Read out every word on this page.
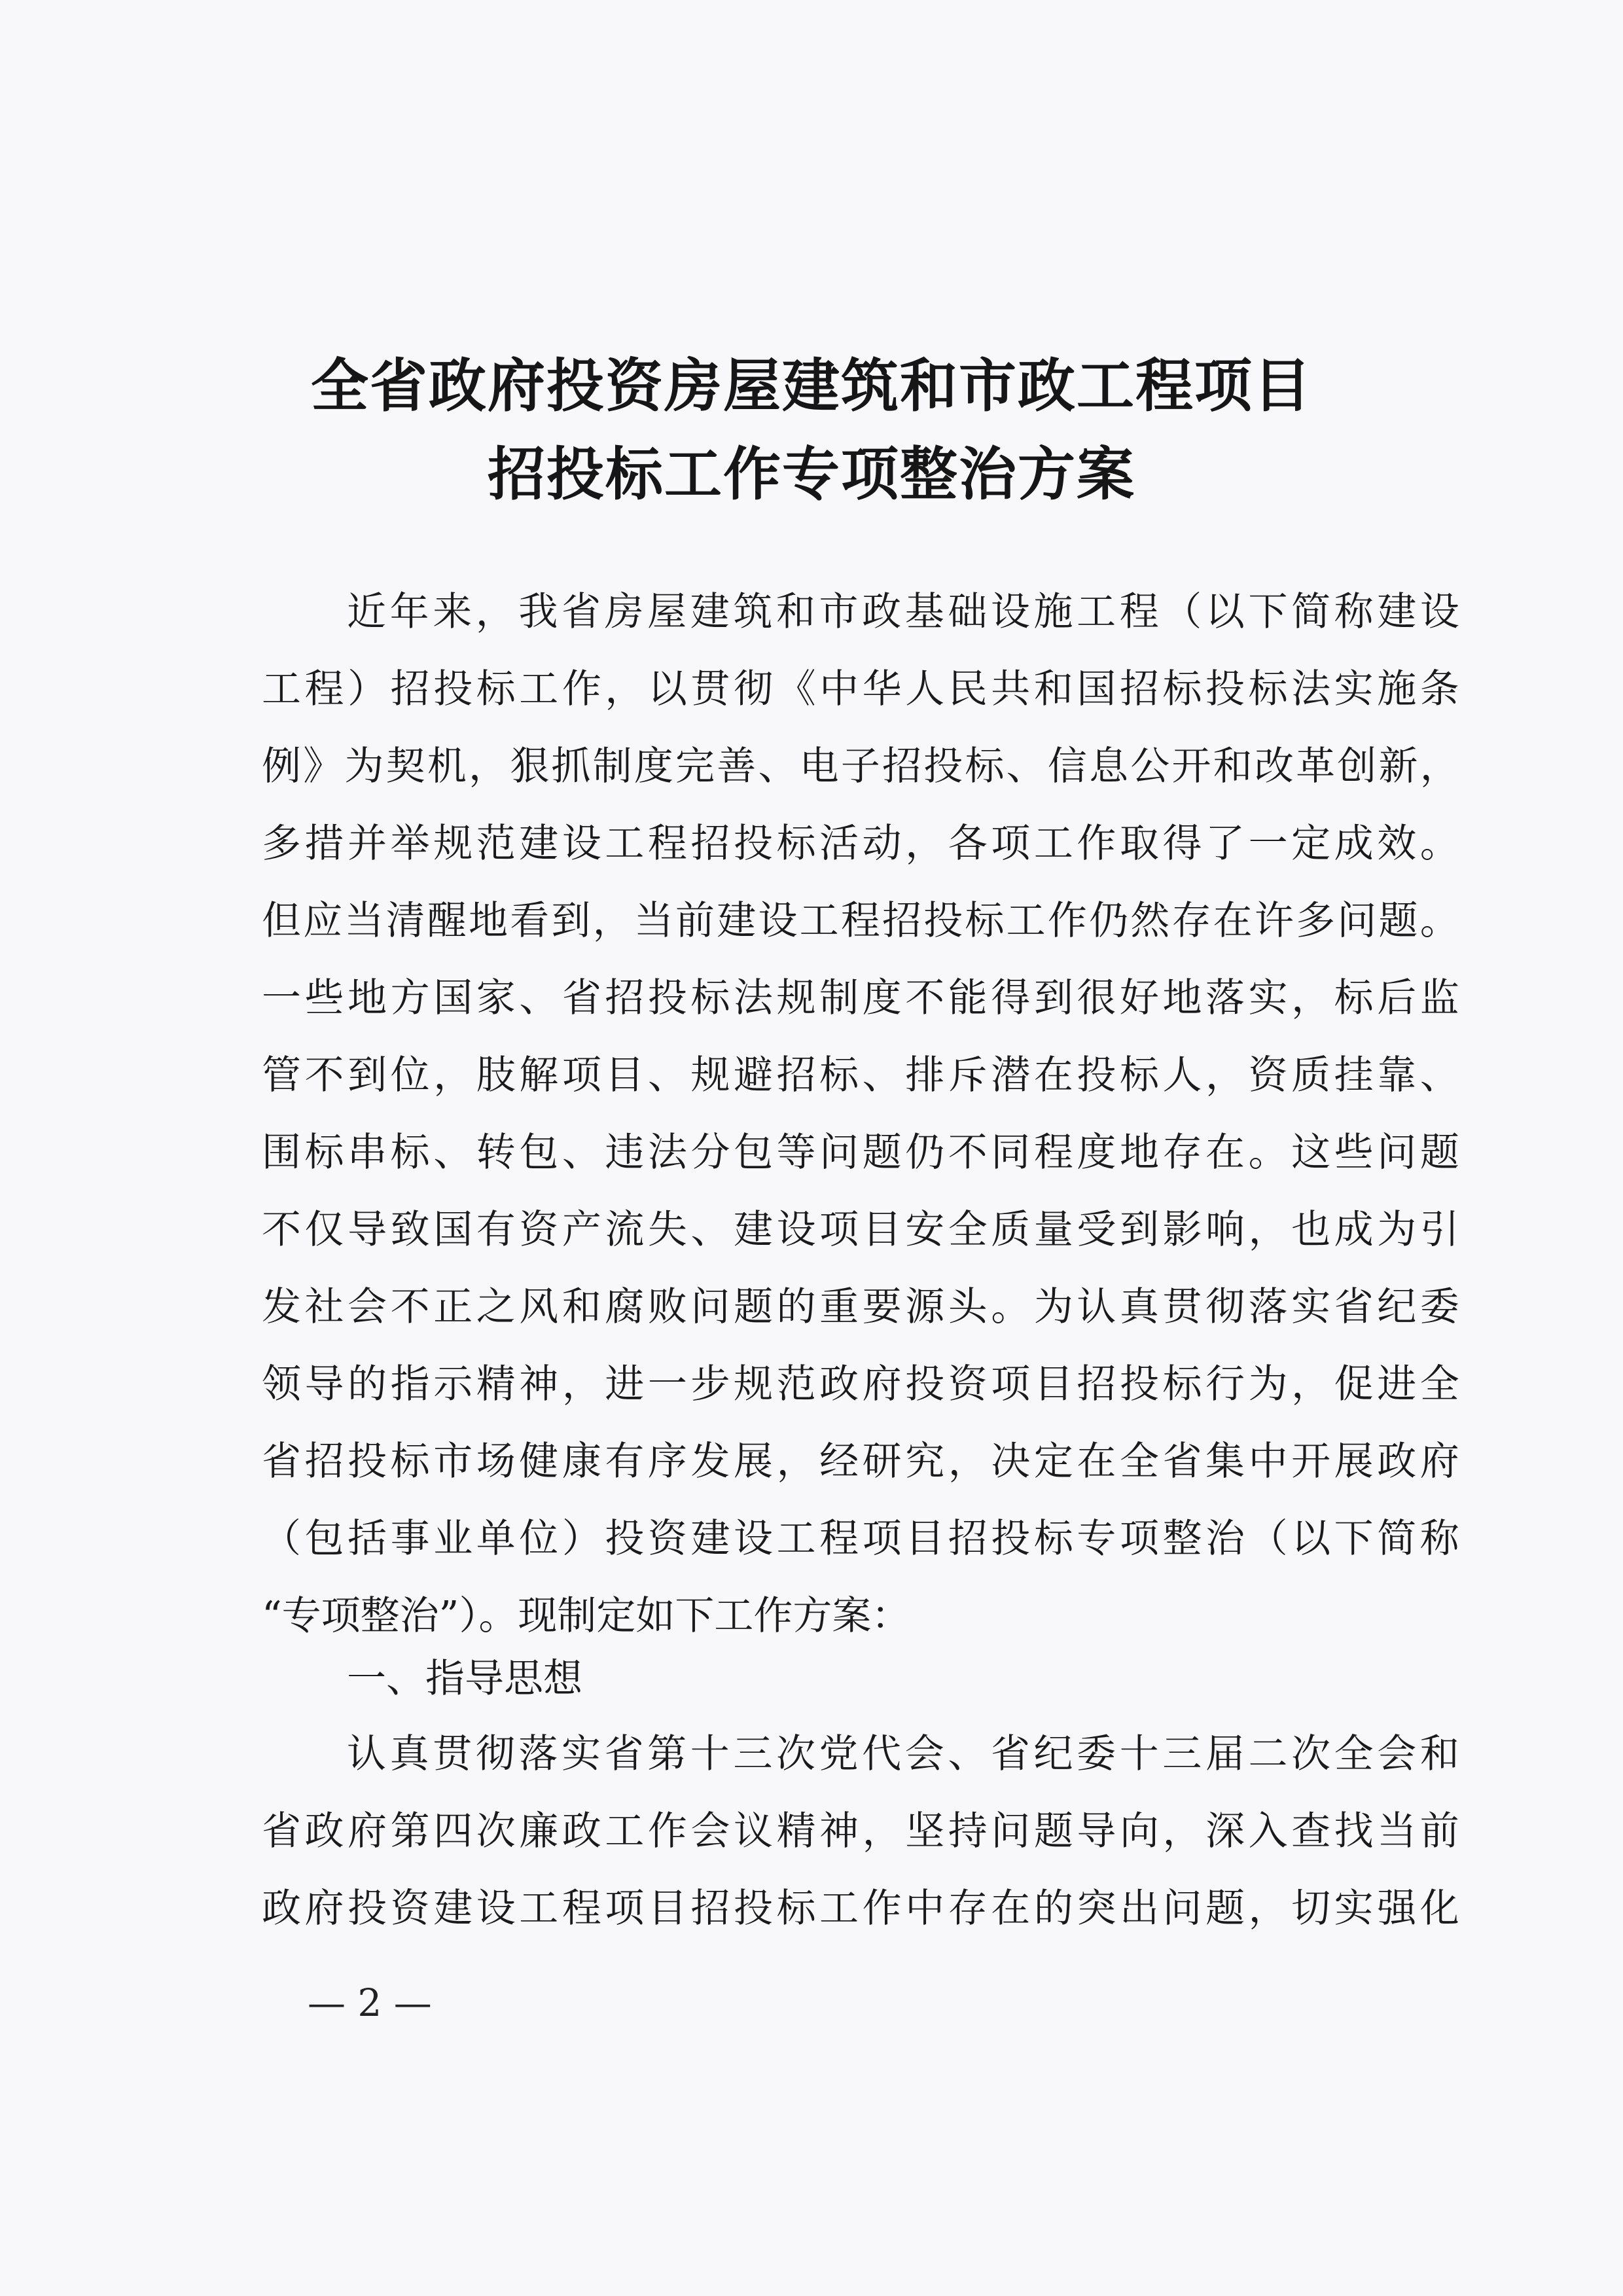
全省政府投资房屋建筑和市政工程项目
招投标工作专项整治方案
近 年 来 ， 我 省 房 屋 建 筑 和 市 政 基 础 设 施 工 程 （ 以 下 简 称 建 设
工 程 ） 招 投 标 工 作 ， 以 贯 彻 《 中 华 人 民 共 和 国 招 标 投 标 法 实 施 条
例 》 为 契 机 ， 狠 抓 制 度 完 善 、 电 子 招 投 标 、 信 息 公 开 和 改 革 创 新 ，
多 措 并 举 规 范 建 设 工 程 招 投 标 活 动 ， 各 项 工 作 取 得 了 一 定 成 效 。
但 应 当 清 醒 地 看 到 ， 当 前 建 设 工 程 招 投 标 工 作 仍 然 存 在 许 多 问 题 。
一 些 地 方 国 家 、 省 招 投 标 法 规 制 度 不 能 得 到 很 好 地 落 实 ， 标 后 监
管 不 到 位 ， 肢 解 项 目 、 规 避 招 标 、 排 斥 潜 在 投 标 人 ， 资 质 挂 靠 、
围 标 串 标 、 转 包 、 违 法 分 包 等 问 题 仍 不 同 程 度 地 存 在 。 这 些 问 题
不 仅 导 致 国 有 资 产 流 失 、 建 设 项 目 安 全 质 量 受 到 影 响 ， 也 成 为 引
发 社 会 不 正 之 风 和 腐 败 问 题 的 重 要 源 头 。 为 认 真 贯 彻 落 实 省 纪 委
领 导 的 指 示 精 神 ， 进 一 步 规 范 政 府 投 资 项 目 招 投 标 行 为 ， 促 进 全
省 招 投 标 市 场 健 康 有 序 发 展 ， 经 研 究 ， 决 定 在 全 省 集 中 开 展 政 府
（ 包 括 事 业 单 位 ） 投 资 建 设 工 程 项 目 招 投 标 专 项 整 治 （ 以 下 简 称
“专项整治”）。现制定如下工作方案：
一、指导思想
认 真 贯 彻 落 实 省 第 十 三 次 党 代 会 、 省 纪 委 十 三 届 二 次 全 会 和
省 政 府 第 四 次 廉 政 工 作 会 议 精 神 ， 坚 持 问 题 导 向 ， 深 入 查 找 当 前
政 府 投 资 建 设 工 程 项 目 招 投 标 工 作 中 存 在 的 突 出 问 题 ， 切 实 强 化
— 2 —
